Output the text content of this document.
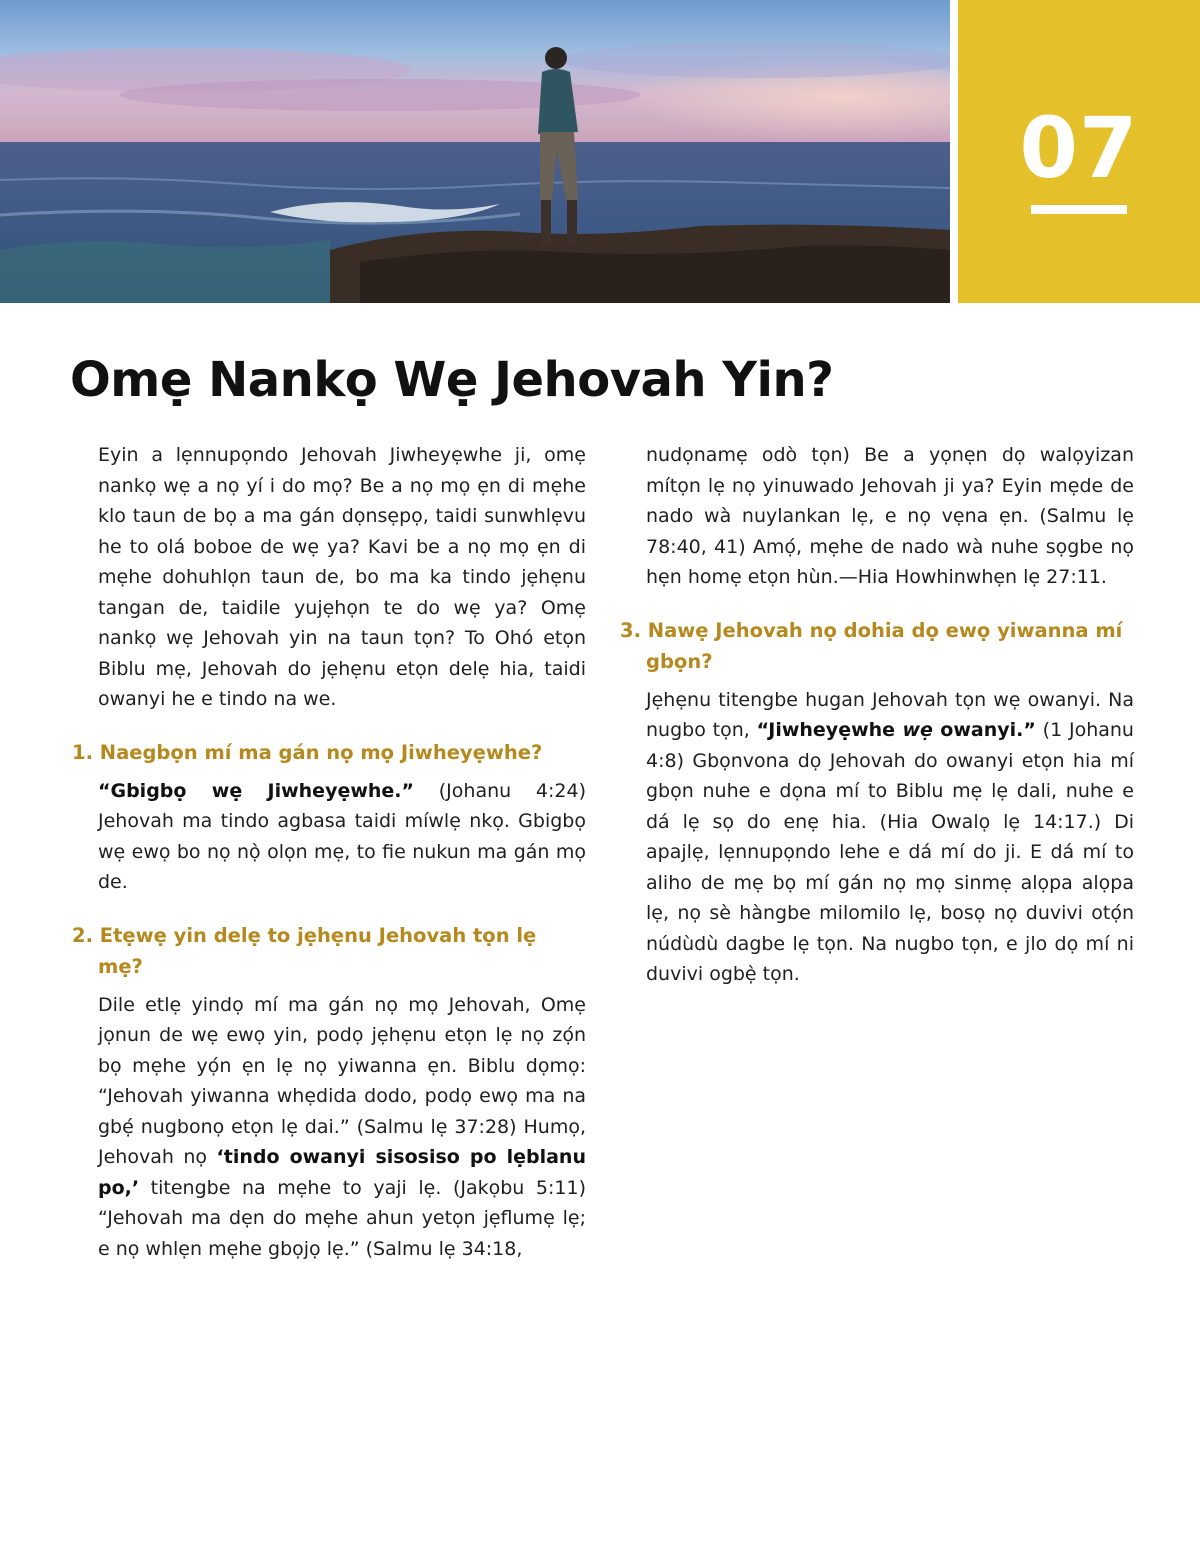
07
Omẹ Nankọ Wẹ Jehovah Yin?

Eyin a lẹnnupọndo Jehovah Jiwheyẹwhe ji, omẹ nankọ wẹ a nọ yí i do mọ? Be a nọ mọ ẹn di mẹhe klo taun de bọ a ma gán dọnsẹpọ, taidi sunwhlẹvu he to olá boboe de wẹ ya? Kavi be a nọ mọ ẹn di mẹhe dohuhlọn taun de, bo ma ka tindo jẹhẹnu tangan de, taidile yujẹhọn te do wẹ ya? Omẹ nankọ wẹ Jehovah yin na taun tọn? To Ohó etọn Biblu mẹ, Jehovah do jẹhẹnu etọn delẹ hia, taidi owanyi he e tindo na we.

1. Naegbọn mí ma gán nọ mọ Jiwheyẹwhe?

“Gbigbọ wẹ Jiwheyẹwhe.” (Johanu 4:24) Jehovah ma tindo agbasa taidi míwlẹ nkọ. Gbigbọ wẹ ewọ bo nọ nọ̀ olọn mẹ, to fie nukun ma gán mọ de.

2. Etẹwẹ yin delẹ to jẹhẹnu Jehovah tọn lẹ mẹ?

Dile etlẹ yindọ mí ma gán nọ mọ Jehovah, Omẹ jọnun de wẹ ewọ yin, podọ jẹhẹnu etọn lẹ nọ zọ́n bọ mẹhe yọ́n ẹn lẹ nọ yiwanna ẹn. Biblu dọmọ: “Jehovah yiwanna whẹdida dodo, podọ ewọ ma na gbẹ́ nugbonọ etọn lẹ dai.” (Salmu lẹ 37:28) Humọ, Jehovah nọ ‘tindo owanyi sisosiso po lẹblanu po,’ titengbe na mẹhe to yaji lẹ. (Jakọbu 5:11) “Jehovah ma dẹn do mẹhe ahun yetọn jẹflumẹ lẹ; e nọ whlẹn mẹhe gbọjọ lẹ.” (Salmu lẹ 34:18,

nudọnamẹ odò tọn) Be a yọnẹn dọ walọyizan mítọn lẹ nọ yinuwado Jehovah ji ya? Eyin mẹde de nado wà nuylankan lẹ, e nọ vẹna ẹn. (Salmu lẹ 78:40, 41) Amọ́, mẹhe de nado wà nuhe sọgbe nọ hẹn homẹ etọn hùn.—Hia Howhinwhẹn lẹ 27:11.

3. Nawẹ Jehovah nọ dohia dọ ewọ yiwanna mí gbọn?

Jẹhẹnu titengbe hugan Jehovah tọn wẹ owanyi. Na nugbo tọn, “Jiwheyẹwhe wẹ owanyi.” (1 Johanu 4:8) Gbọnvona dọ Jehovah do owanyi etọn hia mí gbọn nuhe e dọna mí to Biblu mẹ lẹ dali, nuhe e dá lẹ sọ do enẹ hia. (Hia Owalọ lẹ 14:17.) Di apajlẹ, lẹnnupọndo lehe e dá mí do ji. E dá mí to aliho de mẹ bọ mí gán nọ mọ sinmẹ alọpa alọpa lẹ, nọ sè hàngbe milomilo lẹ, bosọ nọ duvivi otọ́n núdùdù dagbe lẹ tọn. Na nugbo tọn, e jlo dọ mí ni duvivi ogbẹ̀ tọn.
